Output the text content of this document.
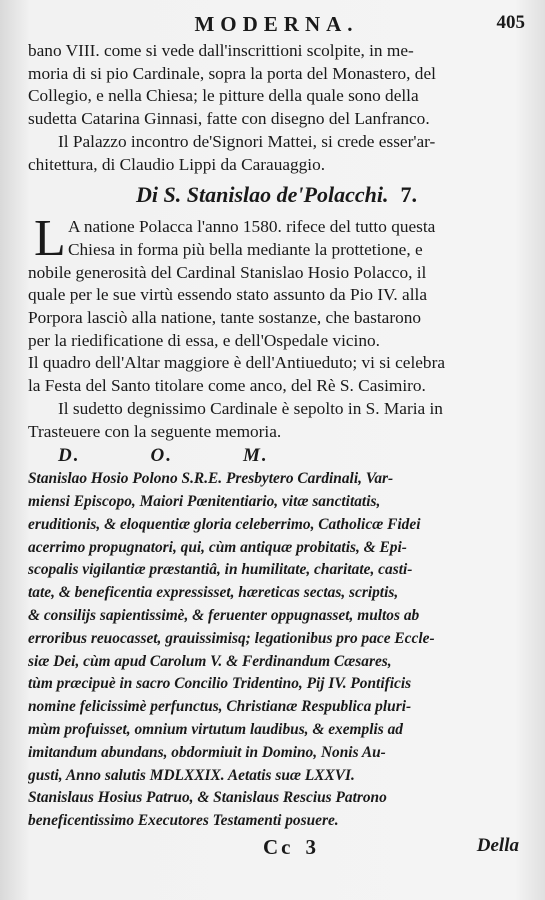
MODERNA.	405
bano VIII. come si vede dall'inscrittioni scolpite, in me-
moria di si pio Cardinale, sopra la porta del Monastero, del
Collegio, e nella Chiesa; le pitture della quale sono della
sudetta Catarina Ginnasi, fatte con disegno del Lanfranco.
Il Palazzo incontro de'Signori Mattei, si crede esser'ar-
chitettura, di Claudio Lippi da Carauaggio.
Di S. Stanislao de'Polacchi. 7.
L A natione Polacca l'anno 1580. rifece del tutto questa
Chiesa in forma più bella mediante la prottetione, e
nobile generosità del Cardinal Stanislao Hosio Polacco, il
quale per le sue virtù essendo stato assunto da Pio IV. alla
Porpora lasciò alla natione, tante sostanze, che bastarono
per la riedificatione di essa, e dell'Ospedale vicino.
Il quadro dell'Altar maggiore è dell'Antiueduto; vi si celebra
la Festa del Santo titolare come anco, del Rè S. Casimiro.
Il sudetto degnissimo Cardinale è sepolto in S. Maria in
Trasteuere con la seguente memoria.
D.	O.	M.
Stanislao Hosio Polono S.R.E. Presbytero Cardinali, Var-
miensi Episcopo, Maiori Pœnitentiario, vitæ sanctitatis,
eruditionis, & eloquentiæ gloria celeberrimo, Catholicæ Fidei
acerrimo propugnatori, qui, cùm antiquæ probitatis, & Epi-
scopalis vigilantiæ præstantiâ, in humilitate, charitate, casti-
tate, & beneficentia expressisset, hæreticas sectas, scriptis,
& consilijs sapientissimè, & feruenter oppugnasset, multos ab
erroribus reuocasset, grauissimisq; legationibus pro pace Eccle-
siæ Dei, cùm apud Carolum V. & Ferdinandum Cæsares,
tùm præcipuè in sacro Concilio Tridentino, Pij IV. Pontificis
nomine felicissimè perfunctus, Christianæ Respublica pluri-
mùm profuisset, omnium virtutum laudibus, & exemplis ad
imitandum abundans, obdormiuit in Domino, Nonis Au-
gusti, Anno salutis MDLXXIX. Aetatis suæ LXXVI.
Stanislaus Hosius Patruo, & Stanislaus Rescius Patrono
beneficentissimo Executores Testamenti posuere.
Cc 3	Della
